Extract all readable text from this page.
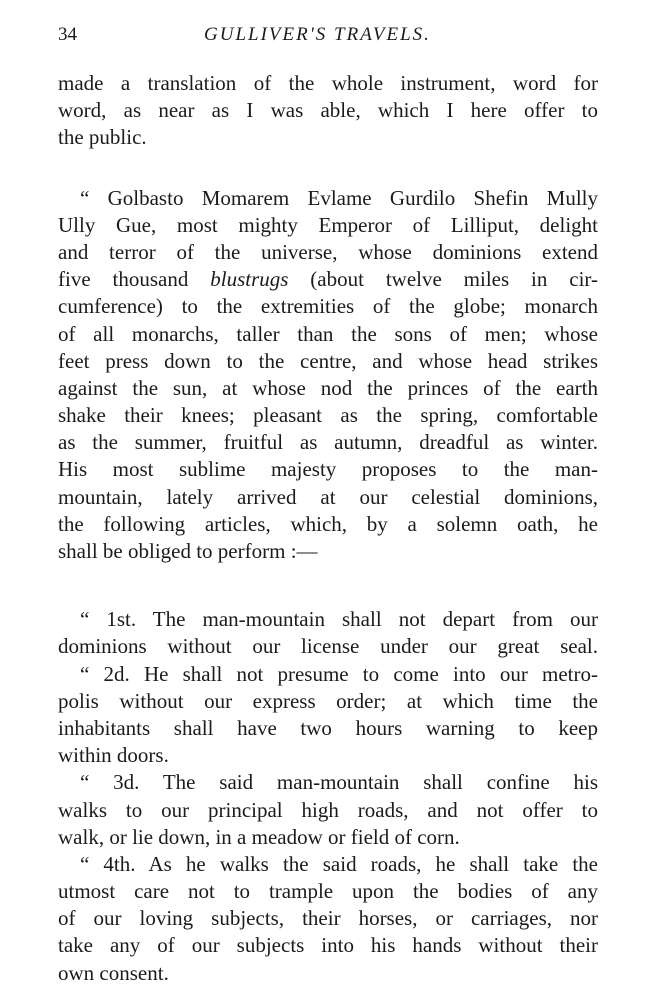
34	GULLIVER'S TRAVELS.
made a translation of the whole instrument, word for
word, as near as I was able, which I here offer to
the public.
“ Golbasto Momarem Evlame Gurdilo Shefin Mully
Ully Gue, most mighty Emperor of Lilliput, delight
and terror of the universe, whose dominions extend
five thousand blustrugs (about twelve miles in cir-
cumference) to the extremities of the globe; monarch
of all monarchs, taller than the sons of men; whose
feet press down to the centre, and whose head strikes
against the sun, at whose nod the princes of the earth
shake their knees; pleasant as the spring, comfortable
as the summer, fruitful as autumn, dreadful as winter.
His most sublime majesty proposes to the man-
mountain, lately arrived at our celestial dominions,
the following articles, which, by a solemn oath, he
shall be obliged to perform :—
“ 1st. The man-mountain shall not depart from our
dominions without our license under our great seal.
“ 2d. He shall not presume to come into our metro-
polis without our express order; at which time the
inhabitants shall have two hours warning to keep
within doors.
“ 3d. The said man-mountain shall confine his
walks to our principal high roads, and not offer to
walk, or lie down, in a meadow or field of corn.
“ 4th. As he walks the said roads, he shall take the
utmost care not to trample upon the bodies of any
of our loving subjects, their horses, or carriages, nor
take any of our subjects into his hands without their
own consent.
